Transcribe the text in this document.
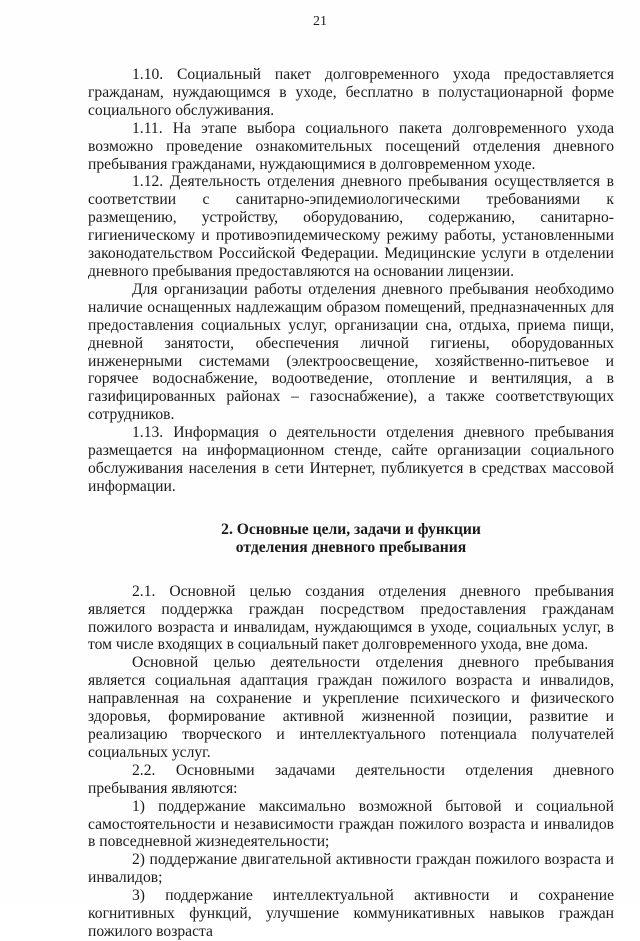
21

1.10. Социальный пакет долговременного ухода предоставляется гражданам, нуждающимся в уходе, бесплатно в полустационарной форме социального обслуживания.

1.11. На этапе выбора социального пакета долговременного ухода возможно проведение ознакомительных посещений отделения дневного пребывания гражданами, нуждающимися в долговременном уходе.

1.12. Деятельность отделения дневного пребывания осуществляется в соответствии с санитарно-эпидемиологическими требованиями к размещению, устройству, оборудованию, содержанию, санитарно-гигиеническому и противоэпидемическому режиму работы, установленными законодательством Российской Федерации. Медицинские услуги в отделении дневного пребывания предоставляются на основании лицензии.

Для организации работы отделения дневного пребывания необходимо наличие оснащенных надлежащим образом помещений, предназначенных для предоставления социальных услуг, организации сна, отдыха, приема пищи, дневной занятости, обеспечения личной гигиены, оборудованных инженерными системами (электроосвещение, хозяйственно-питьевое и горячее водоснабжение, водоотведение, отопление и вентиляция, а в газифицированных районах – газоснабжение), а также соответствующих сотрудников.

1.13. Информация о деятельности отделения дневного пребывания размещается на информационном стенде, сайте организации социального обслуживания населения в сети Интернет, публикуется в средствах массовой информации.

2. Основные цели, задачи и функции
отделения дневного пребывания

2.1. Основной целью создания отделения дневного пребывания является поддержка граждан посредством предоставления гражданам пожилого возраста и инвалидам, нуждающимся в уходе, социальных услуг, в том числе входящих в социальный пакет долговременного ухода, вне дома.

Основной целью деятельности отделения дневного пребывания является социальная адаптация граждан пожилого возраста и инвалидов, направленная на сохранение и укрепление психического и физического здоровья, формирование активной жизненной позиции, развитие и реализацию творческого и интеллектуального потенциала получателей социальных услуг.

2.2. Основными задачами деятельности отделения дневного пребывания являются:

1) поддержание максимально возможной бытовой и социальной самостоятельности и независимости граждан пожилого возраста и инвалидов в повседневной жизнедеятельности;

2) поддержание двигательной активности граждан пожилого возраста и инвалидов;

3) поддержание интеллектуальной активности и сохранение когнитивных функций, улучшение коммуникативных навыков граждан пожилого возраста
